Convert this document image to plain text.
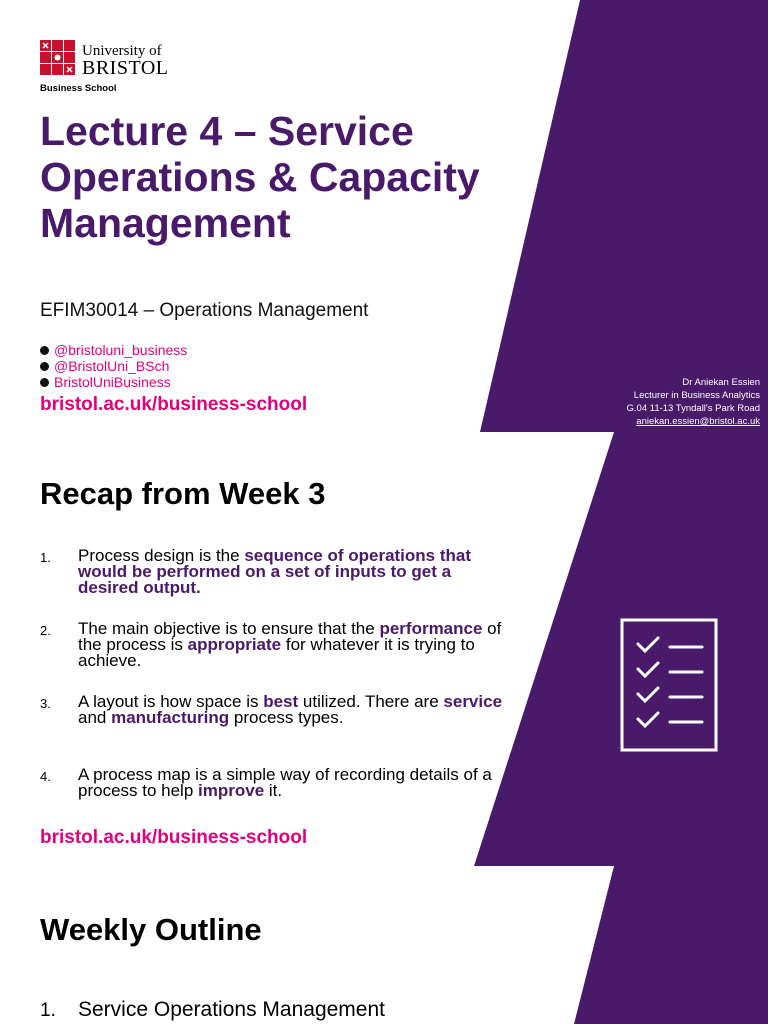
University of
BRISTOL
Business School
Lecture 4 – Service Operations & Capacity Management
EFIM30014 – Operations Management
@bristoluni_business
@BristolUni_BSch
BristolUniBusiness
bristol.ac.uk/business-school
Dr Aniekan Essien
Lecturer in Business Analytics
G.04 11-13 Tyndall's Park Road
aniekan.essien@bristol.ac.uk
Recap from Week 3
1. Process design is the sequence of operations that would be performed on a set of inputs to get a desired output.
2. The main objective is to ensure that the performance of the process is appropriate for whatever it is trying to achieve.
3. A layout is how space is best utilized. There are service and manufacturing process types.
4. A process map is a simple way of recording details of a process to help improve it.
bristol.ac.uk/business-school
Weekly Outline
1. Service Operations Management
